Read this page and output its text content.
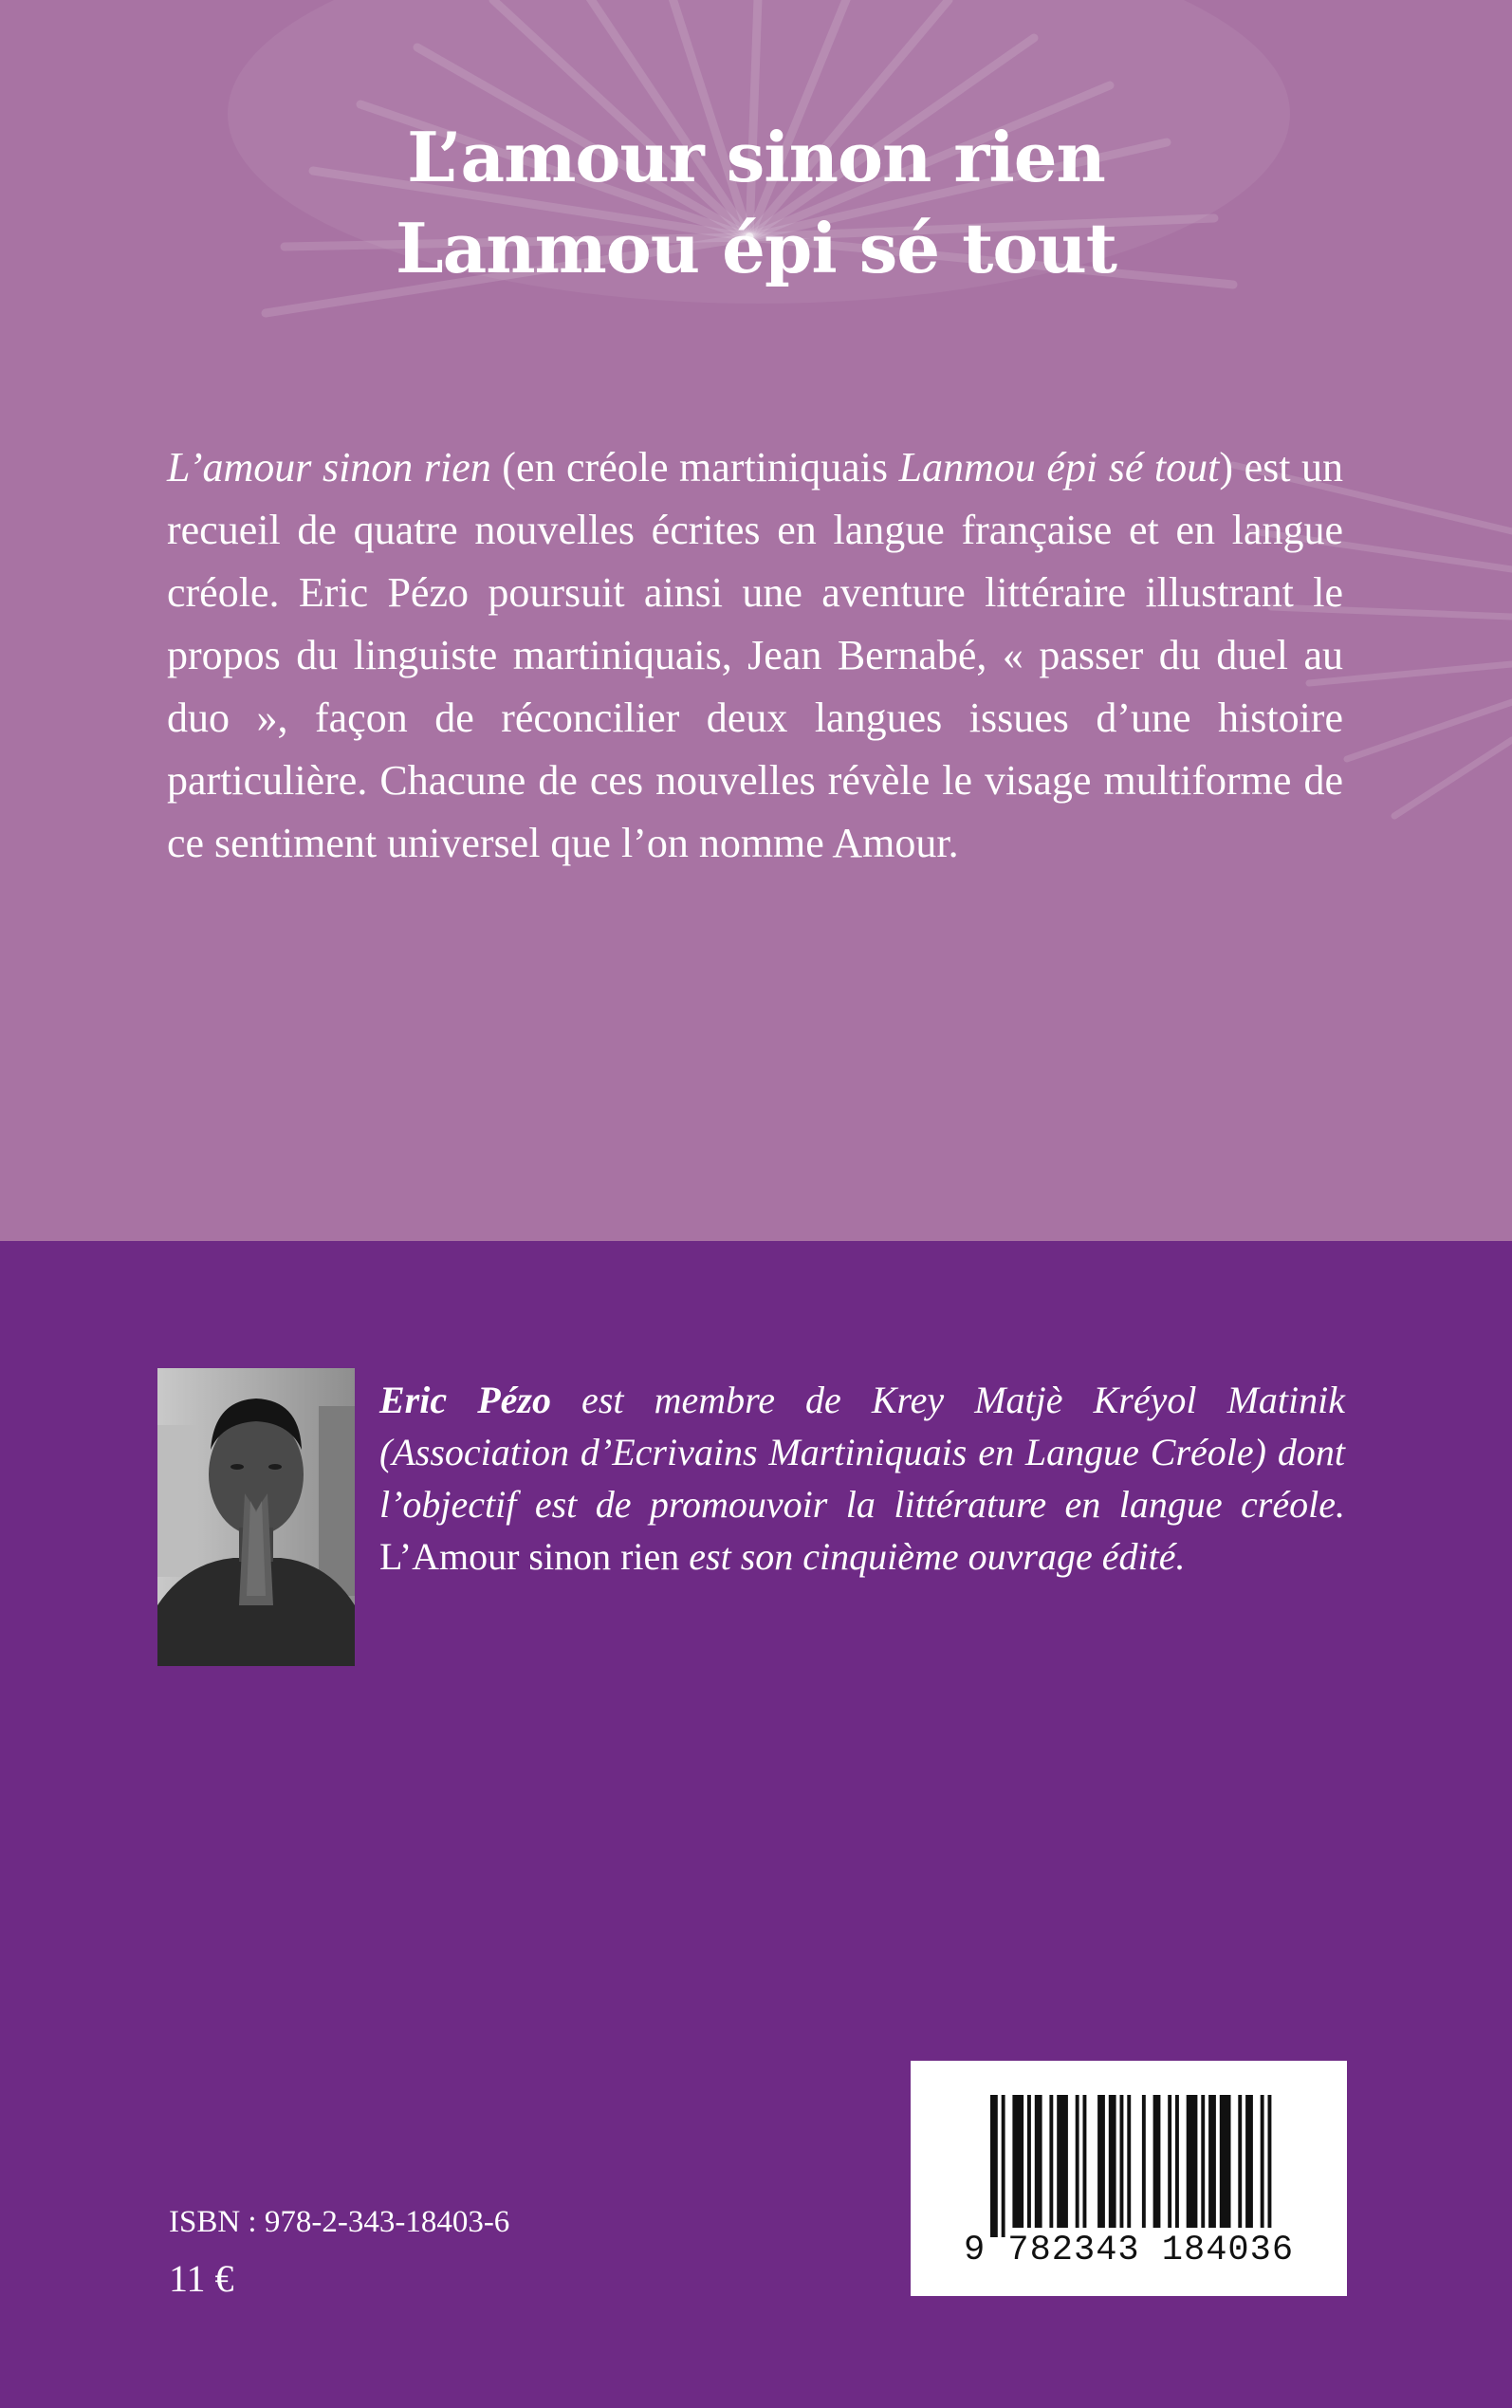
L’amour sinon rien
Lanmou épi sé tout

L’amour sinon rien (en créole martiniquais Lanmou épi sé tout) est un recueil de quatre nouvelles écrites en langue française et en langue créole. Eric Pézo poursuit ainsi une aventure littéraire illustrant le propos du linguiste martiniquais, Jean Bernabé, « passer du duel au duo », façon de réconcilier deux langues issues d’une histoire particulière. Chacune de ces nouvelles révèle le visage multiforme de ce sentiment universel que l’on nomme Amour.

Eric Pézo est membre de Krey Matjè Kréyol Matinik (Association d’Ecrivains Martiniquais en Langue Créole) dont l’objectif est de promouvoir la littérature en langue créole. L’Amour sinon rien est son cinquième ouvrage édité.

ISBN : 978-2-343-18403-6
11 €
9 782343 184036
